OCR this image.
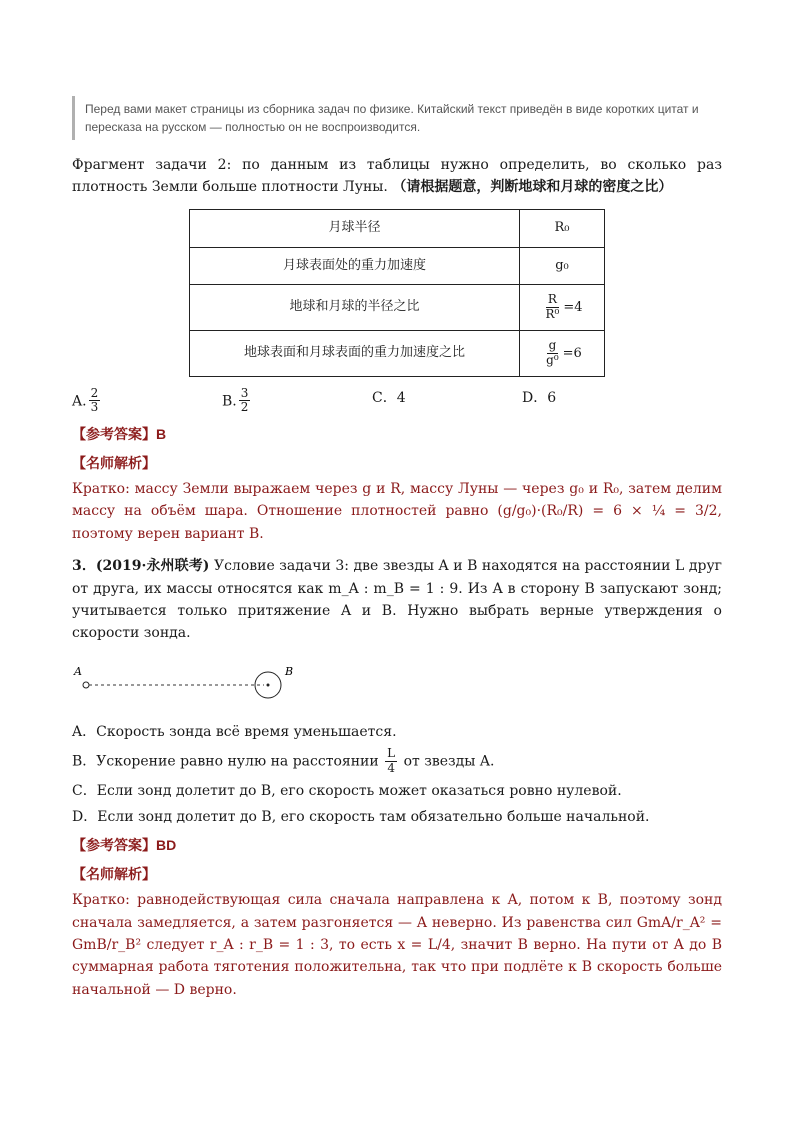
Перед вами макет страницы из сборника задач по физике. Китайский текст приведён в виде коротких цитат и пересказа на русском — полностью он не воспроизводится.
Фрагмент задачи 2: по данным из таблицы нужно определить, во сколько раз плотность Земли больше плотности Луны. （请根据题意，判断地球和月球的密度之比）
月球半径	R₀
月球表面处的重力加速度	g₀
地球和月球的半径之比	$\frac{R}{\text{R⁰}} =4$
地球表面和月球表面的重力加速度之比	$\frac{g}{\text{g⁰}} =6$
A. $\frac{2}{3}$	B. $\frac{3}{2}$	C．4	D．6
【参考答案】B
【名师解析】
Кратко: массу Земли выражаем через g и R, массу Луны — через g₀ и R₀, затем делим массу на объём шара. Отношение плотностей равно (g/g₀)·(R₀/R) = 6 × ¼ = 3/2, поэтому верен вариант B.
3．(2019·永州联考) Условие задачи 3: две звезды A и B находятся на расстоянии L друг от друга, их массы относятся как m_A : m_B = 1 : 9. Из A в сторону B запускают зонд; учитывается только притяжение A и B. Нужно выбрать верные утверждения о скорости зонда.
A	B
A．Скорость зонда всё время уменьшается.
B．Ускорение равно нулю на расстоянии $\frac{L}{4}$ от звезды A.
C．Если зонд долетит до B, его скорость может оказаться ровно нулевой.
D．Если зонд долетит до B, его скорость там обязательно больше начальной.
【参考答案】BD
【名师解析】
Кратко: равнодействующая сила сначала направлена к A, потом к B, поэтому зонд сначала замедляется, а затем разгоняется — A неверно. Из равенства сил GmA/r_A² = GmB/r_B² следует r_A : r_B = 1 : 3, то есть x = L/4, значит B верно. На пути от A до B суммарная работа тяготения положительна, так что при подлёте к B скорость больше начальной — D верно.
